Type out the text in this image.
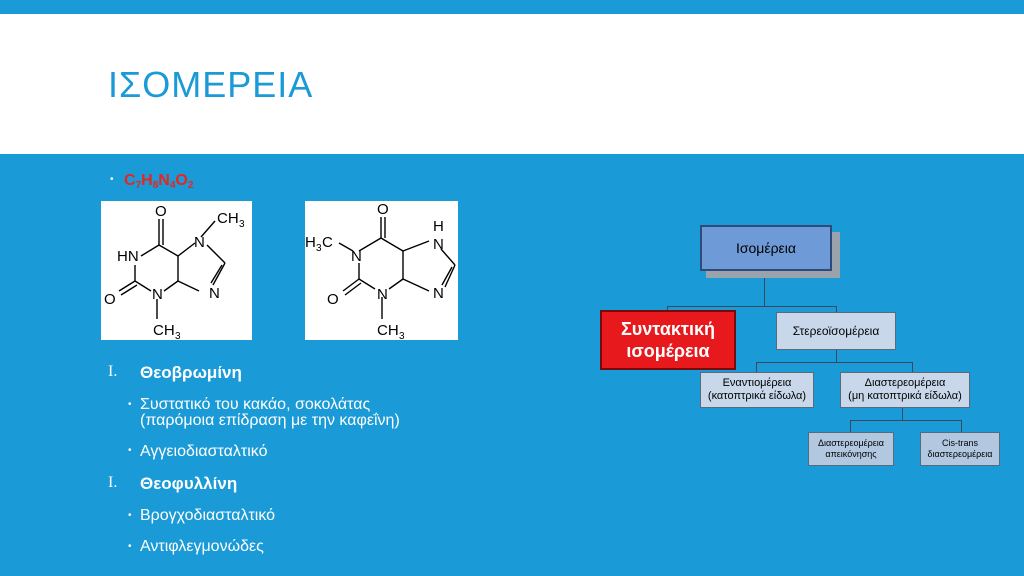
ΙΣΟΜΕΡΕΙΑ
• $C_7H_8N_4O_2$
O	CH 3
N
HN
N
O N
CH 3
O
H 3 C
H
N
N
N
O	N
CH 3
I. Θεοβρωμίνη
• Συστατικό του κακάο, σοκολάτας
(παρόμοια επίδραση με την καφεΐνη)
• Αγγειοδιασταλτικό
I. Θεοφυλλίνη
• Βρογχοδιασταλτικό
• Αντιφλεγμονώδες
Ισομέρεια
Συντακτική
ισομέρεια
Στερεοϊσομέρεια
Εναντιομέρεια
(κατοπτρικά είδωλα)
Διαστερεομέρεια
(μη κατοπτρικά είδωλα)
Διαστερεομέρεια
απεικόνησης
Cis-trans
διαστερεομέρεια
